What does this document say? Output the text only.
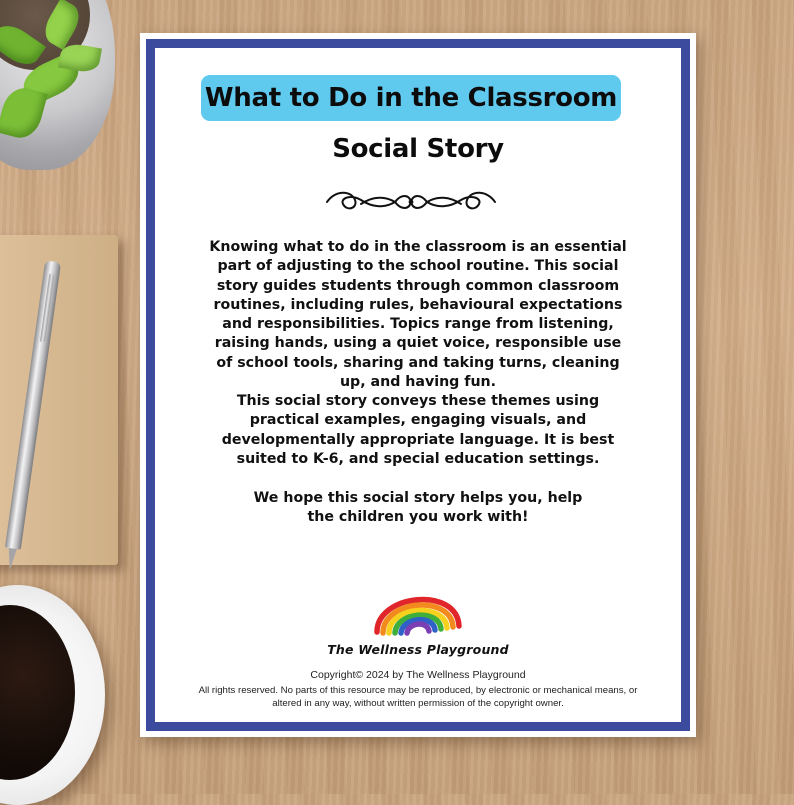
What to Do in the Classroom
Social Story

Knowing what to do in the classroom is an essential part of adjusting to the school routine. This social story guides students through common classroom routines, including rules, behavioural expectations and responsibilities. Topics range from listening, raising hands, using a quiet voice, responsible use of school tools, sharing and taking turns, cleaning up, and having fun.

This social story conveys these themes using practical examples, engaging visuals, and developmentally appropriate language. It is best suited to K-6, and special education settings.

We hope this social story helps you, help the children you work with!

The Wellness Playground
Copyright© 2024 by The Wellness Playground

All rights reserved. No parts of this resource may be reproduced, by electronic or mechanical means, or altered in any way, without written permission of the copyright owner.
